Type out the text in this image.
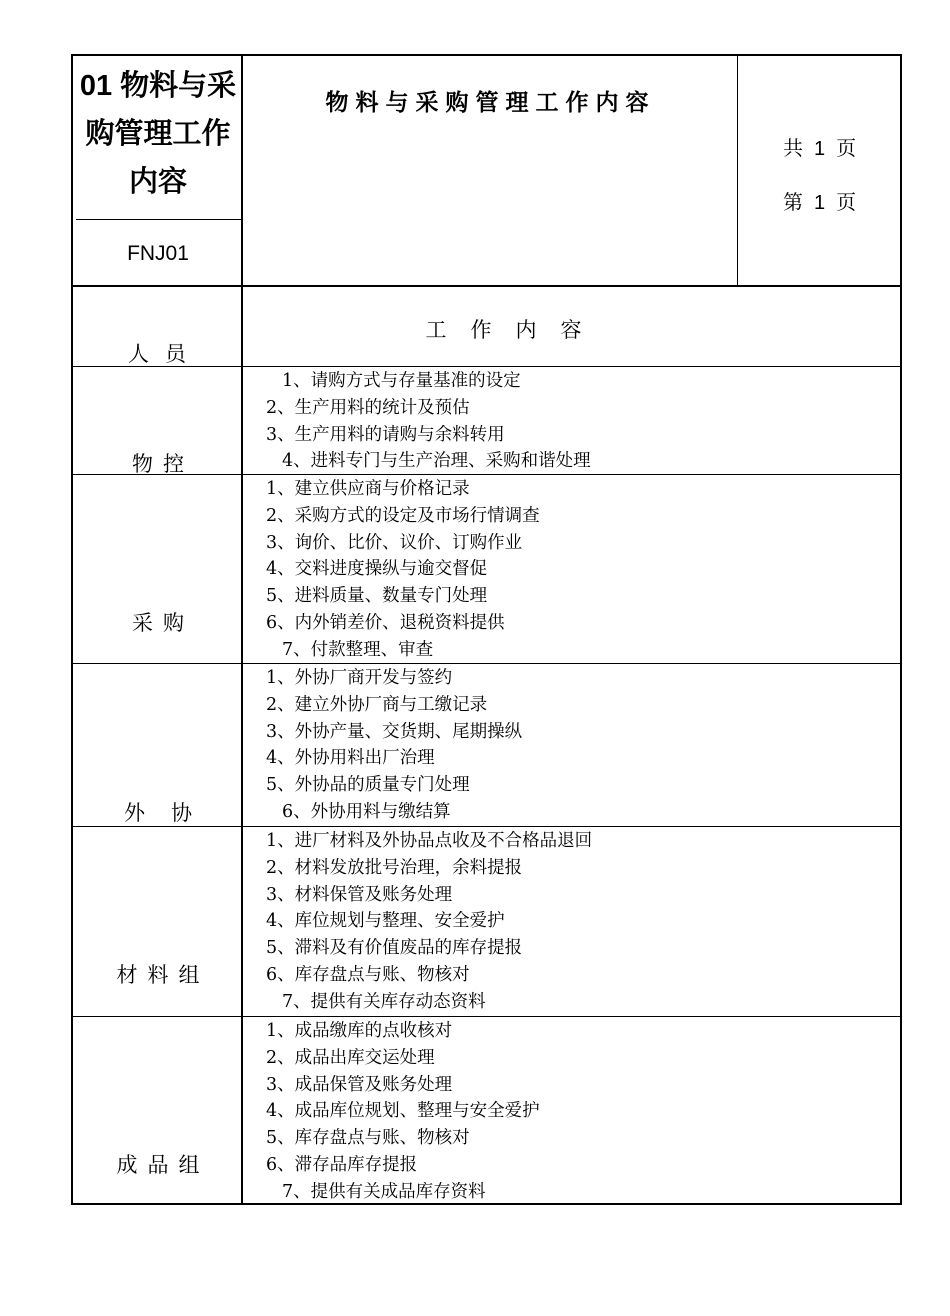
01 物料与采
购管理工作
内容
FNJ01
物料与采购管理工作内容
共 1 页
第 1 页
人员
工作内容
物控
1、请购方式与存量基准的设定
2、生产用料的统计及预估
3、生产用料的请购与余料转用
4、进料专门与生产治理、采购和谐处理
采购
1、建立供应商与价格记录
2、采购方式的设定及市场行情调查
3、询价、比价、议价、订购作业
4、交料进度操纵与逾交督促
5、进料质量、数量专门处理
6、内外销差价、退税资料提供
7、付款整理、审查
外协
1、外协厂商开发与签约
2、建立外协厂商与工缴记录
3、外协产量、交货期、尾期操纵
4、外协用料出厂治理
5、外协品的质量专门处理
6、外协用料与缴结算
材料组
1、进厂材料及外协品点收及不合格品退回
2、材料发放批号治理，余料提报
3、材料保管及账务处理
4、库位规划与整理、安全爱护
5、滞料及有价值废品的库存提报
6、库存盘点与账、物核对
7、提供有关库存动态资料
成品组
1、成品缴库的点收核对
2、成品出库交运处理
3、成品保管及账务处理
4、成品库位规划、整理与安全爱护
5、库存盘点与账、物核对
6、滞存品库存提报
7、提供有关成品库存资料
